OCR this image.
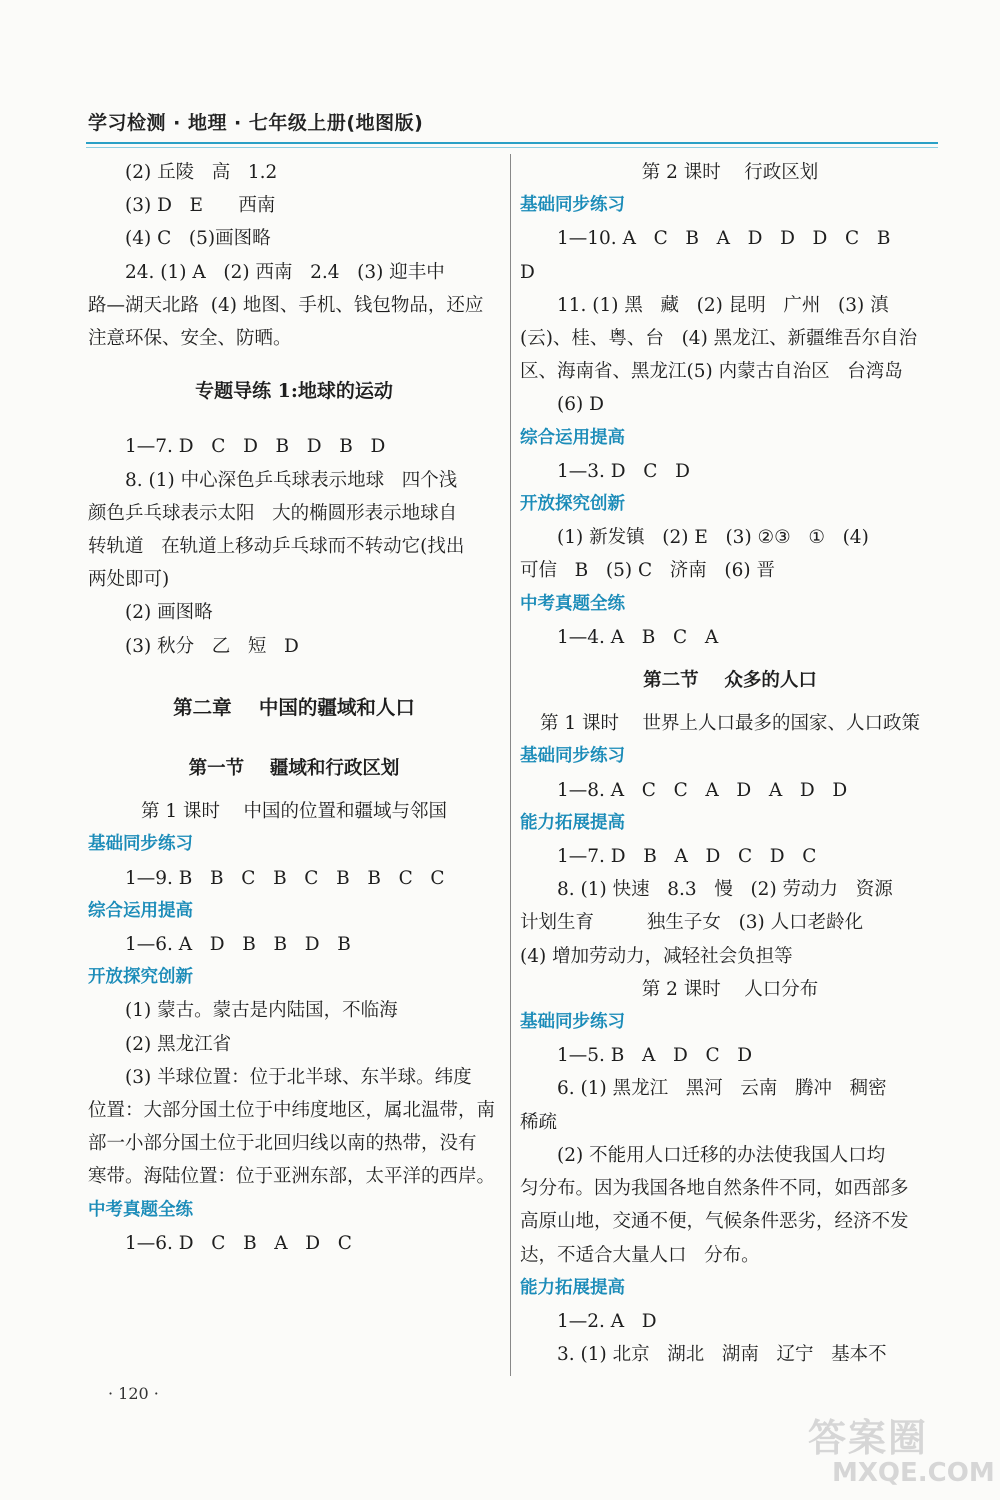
学习检测 · 地理 · 七年级上册(地图版)
(2) 丘陵   高   1.2
(3) D   E      西南
(4) C   (5)画图略
24. (1) A   (2) 西南   2.4   (3) 迎丰中
路—湖天北路  (4) 地图、手机、钱包物品，还应
注意环保、安全、防晒。
专题导练 1:地球的运动
1—7. D   C   D   B   D   B   D
8. (1) 中心深色乒乓球表示地球   四个浅
颜色乒乓球表示太阳   大的椭圆形表示地球自
转轨道   在轨道上移动乒乓球而不转动它(找出
两处即可)
(2) 画图略
(3) 秋分   乙   短   D
第二章    中国的疆域和人口
第一节    疆域和行政区划
第 1 课时    中国的位置和疆域与邻国
基础同步练习
1—9. B   B   C   B   C   B   B   C   C
综合运用提高
1—6. A   D   B   B   D   B
开放探究创新
(1) 蒙古。蒙古是内陆国，不临海
(2) 黑龙江省
(3) 半球位置：位于北半球、东半球。纬度
位置：大部分国土位于中纬度地区，属北温带，南
部一小部分国土位于北回归线以南的热带，没有
寒带。海陆位置：位于亚洲东部，太平洋的西岸。
中考真题全练
1—6. D   C   B   A   D   C
第 2 课时    行政区划
基础同步练习
1—10. A   C   B   A   D   D   D   C   B
D
11. (1) 黑   藏   (2) 昆明   广州   (3) 滇
(云)、桂、粤、台   (4) 黑龙江、新疆维吾尔自治
区、海南省、黑龙江(5) 内蒙古自治区   台湾岛
(6) D
综合运用提高
1—3. D   C   D
开放探究创新
(1) 新发镇   (2) E   (3) ②③   ①   (4)
可信   B   (5) C   济南   (6) 晋
中考真题全练
1—4. A   B   C   A
第二节    众多的人口
第 1 课时    世界上人口最多的国家、人口政策
基础同步练习
1—8. A   C   C   A   D   A   D   D
能力拓展提高
1—7. D   B   A   D   C   D   C
8. (1) 快速   8.3   慢   (2) 劳动力   资源
计划生育         独生子女   (3) 人口老龄化
(4) 增加劳动力，减轻社会负担等
第 2 课时    人口分布
基础同步练习
1—5. B   A   D   C   D
6. (1) 黑龙江   黑河   云南   腾冲   稠密
稀疏
(2) 不能用人口迁移的办法使我国人口均
匀分布。因为我国各地自然条件不同，如西部多
高原山地，交通不便，气候条件恶劣，经济不发
达，不适合大量人口   分布。
能力拓展提高
1—2. A   D
3. (1) 北京   湖北   湖南   辽宁   基本不
· 120 ·
答案圈
MXQE.COM
